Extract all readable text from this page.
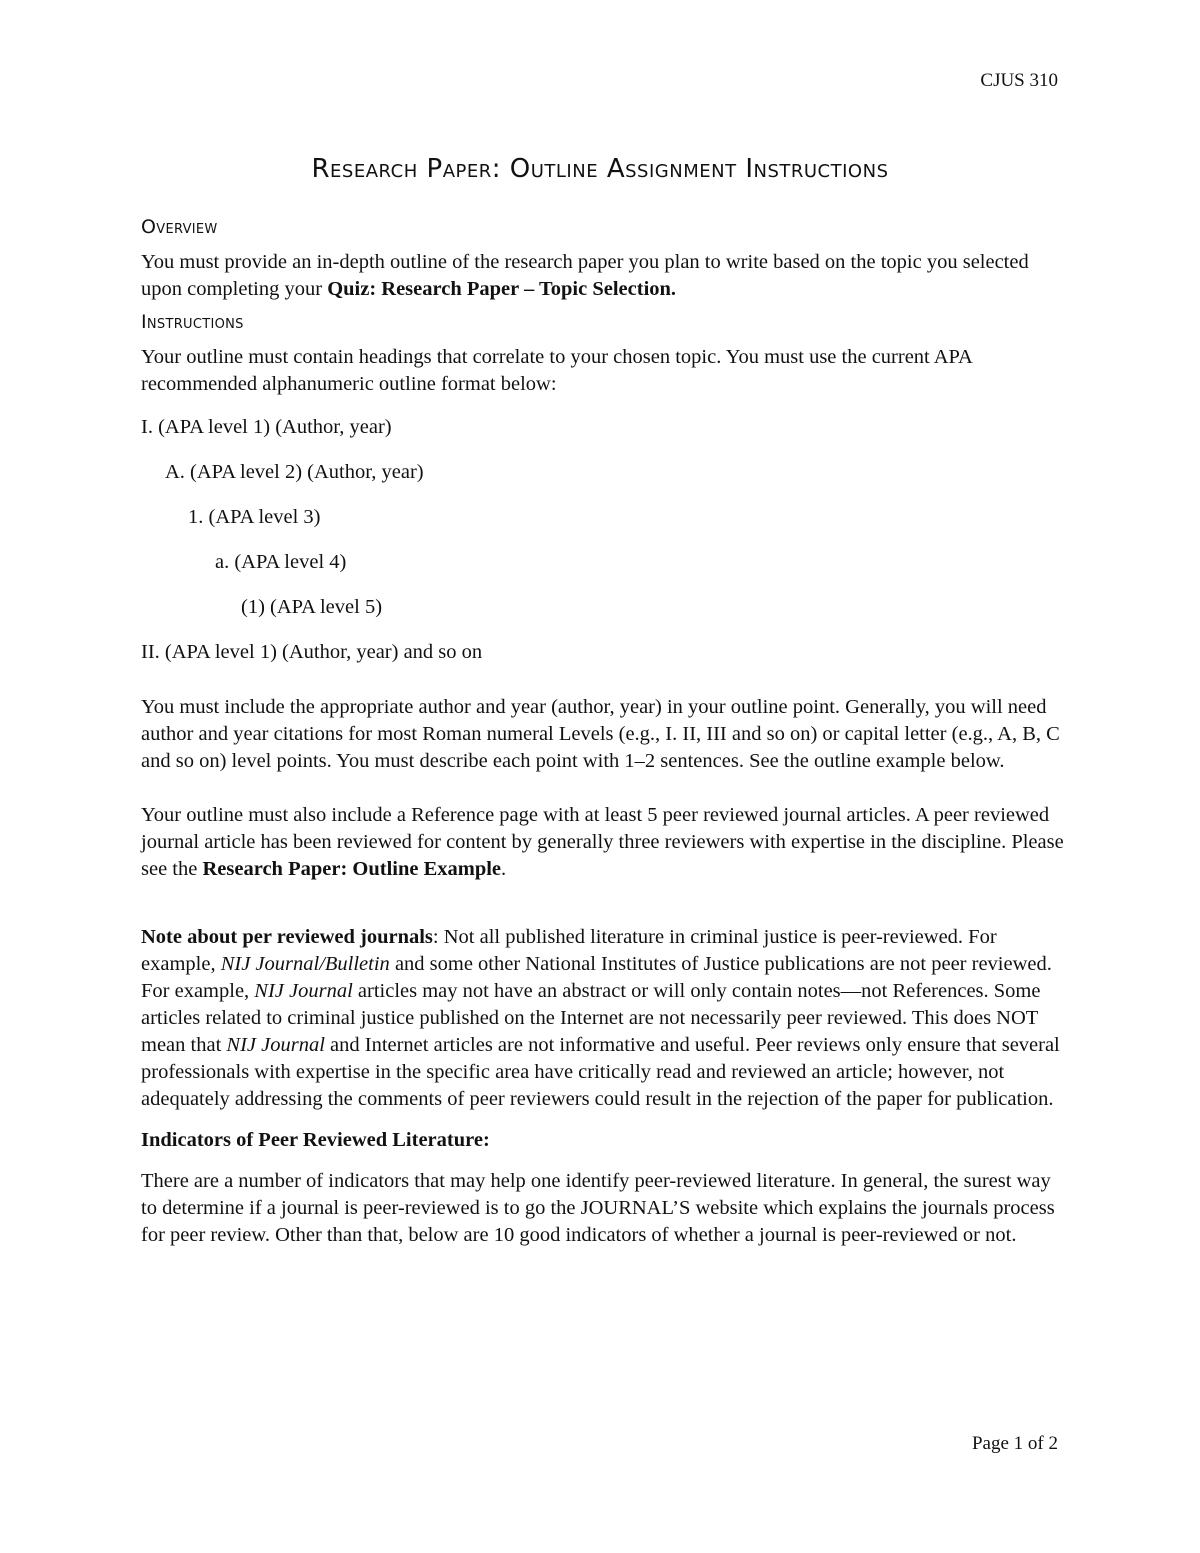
CJUS 310
Research Paper: Outline Assignment Instructions
Overview

You must provide an in-depth outline of the research paper you plan to write based on the topic you selected upon completing your Quiz: Research Paper – Topic Selection.

Instructions

Your outline must contain headings that correlate to your chosen topic. You must use the current APA recommended alphanumeric outline format below:

I. (APA level 1) (Author, year)
A. (APA level 2) (Author, year)
1. (APA level 3)
a. (APA level 4)
(1) (APA level 5)
II. (APA level 1) (Author, year) and so on

You must include the appropriate author and year (author, year) in your outline point. Generally, you will need author and year citations for most Roman numeral Levels (e.g., I. II, III and so on) or capital letter (e.g., A, B, C and so on) level points. You must describe each point with 1–2 sentences. See the outline example below.

Your outline must also include a Reference page with at least 5 peer reviewed journal articles. A peer reviewed journal article has been reviewed for content by generally three reviewers with expertise in the discipline. Please see the Research Paper: Outline Example.

Note about per reviewed journals: Not all published literature in criminal justice is peer-reviewed. For example, NIJ Journal/Bulletin and some other National Institutes of Justice publications are not peer reviewed. For example, NIJ Journal articles may not have an abstract or will only contain notes—not References. Some articles related to criminal justice published on the Internet are not necessarily peer reviewed. This does NOT mean that NIJ Journal and Internet articles are not informative and useful. Peer reviews only ensure that several professionals with expertise in the specific area have critically read and reviewed an article; however, not adequately addressing the comments of peer reviewers could result in the rejection of the paper for publication.

Indicators of Peer Reviewed Literature:

There are a number of indicators that may help one identify peer-reviewed literature. In general, the surest way to determine if a journal is peer-reviewed is to go the JOURNAL’S website which explains the journals process for peer review. Other than that, below are 10 good indicators of whether a journal is peer-reviewed or not.

Page 1 of 2
